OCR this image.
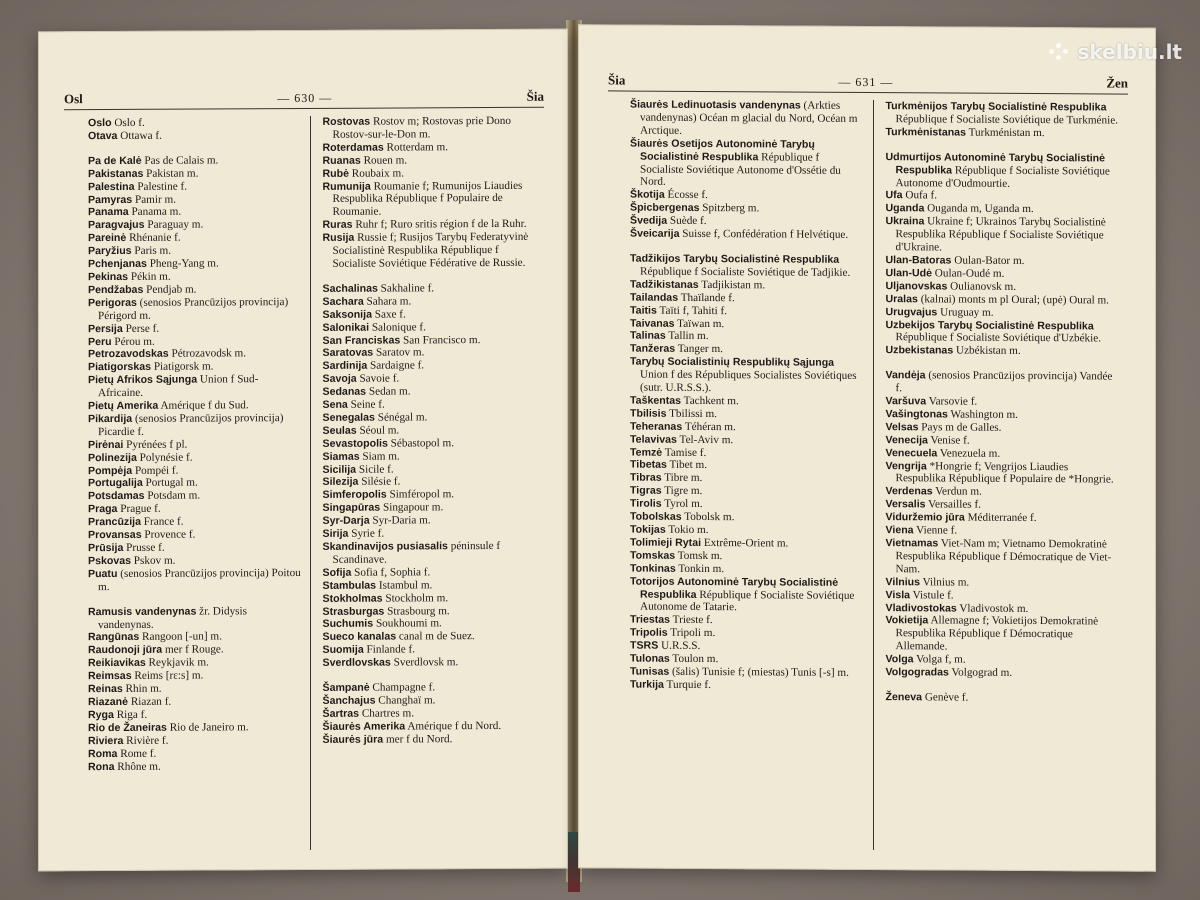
Osl	— 630 —	Šia
Oslo Oslo f.
Otava Ottawa f.
Pa de Kalė Pas de Calais m.
Pakistanas Pakistan m.
Palestina Palestine f.
Pamyras Pamir m.
Panama Panama m.
Paragvajus Paraguay m.
Pareinė Rhénanie f.
Paryžius Paris m.
Pchenjanas Pheng-Yang m.
Pekinas Pékin m.
Pendžabas Pendjab m.
Perigoras (senosios Prancūzijos provincija) Périgord m.
Persija Perse f.
Peru Pérou m.
Petrozavodskas Pétrozavodsk m.
Piatigorskas Piatigorsk m.
Pietų Afrikos Sąjunga Union f Sud-Africaine.
Pietų Amerika Amérique f du Sud.
Pikardija (senosios Prancūzijos provincija) Picardie f.
Pirėnai Pyrénées f pl.
Polinezija Polynésie f.
Pompėja Pompéi f.
Portugalija Portugal m.
Potsdamas Potsdam m.
Praga Prague f.
Prancūzija France f.
Provansas Provence f.
Prūsija Prusse f.
Pskovas Pskov m.
Puatu (senosios Prancūzijos provincija) Poitou m.
Ramusis vandenynas žr. Didysis vandenynas.
Rangūnas Rangoon [-un] m.
Raudonoji jūra mer f Rouge.
Reikiavikas Reykjavik m.
Reimsas Reims [rɛ:s] m.
Reinas Rhin m.
Riazanė Riazan f.
Ryga Riga f.
Rio de Žaneiras Rio de Janeiro m.
Riviera Rivière f.
Roma Rome f.
Rona Rhône m.
Rostovas Rostov m; Rostovas prie Dono Rostov-sur-le-Don m.
Roterdamas Rotterdam m.
Ruanas Rouen m.
Rubė Roubaix m.
Rumunija Roumanie f; Rumunijos Liaudies Respublika République f Populaire de Roumanie.
Ruras Ruhr f; Ruro sritis région f de la Ruhr.
Rusija Russie f; Rusijos Tarybų Federatyvinė Socialistinė Respublika République f Socialiste Soviétique Fédérative de Russie.
Sachalinas Sakhaline f.
Sachara Sahara m.
Saksonija Saxe f.
Salonikai Salonique f.
San Franciskas San Francisco m.
Saratovas Saratov m.
Sardinija Sardaigne f.
Savoja Savoie f.
Sedanas Sedan m.
Sena Seine f.
Senegalas Sénégal m.
Seulas Séoul m.
Sevastopolis Sébastopol m.
Siamas Siam m.
Sicilija Sicile f.
Silezija Silésie f.
Simferopolis Simféropol m.
Singapūras Singapour m.
Syr-Darja Syr-Daria m.
Sirija Syrie f.
Skandinavijos pusiasalis péninsule f Scandinave.
Sofija Sofia f, Sophia f.
Stambulas Istambul m.
Stokholmas Stockholm m.
Strasburgas Strasbourg m.
Suchumis Soukhoumi m.
Sueco kanalas canal m de Suez.
Suomija Finlande f.
Sverdlovskas Sverdlovsk m.
Šampanė Champagne f.
Šanchajus Changhaï m.
Šartras Chartres m.
Šiaurės Amerika Amérique f du Nord.
Šiaurės jūra mer f du Nord.
Šia	— 631 —	Žen
Šiaurės Ledinuotasis vandenynas (Arkties vandenynas) Océan m glacial du Nord, Océan m Arctique.
Šiaurės Osetijos Autonominė Tarybų Socialistinė Respublika République f Socialiste Soviétique Autonome d'Ossétie du Nord.
Škotija Écosse f.
Špicbergenas Spitzberg m.
Švedija Suède f.
Šveicarija Suisse f, Confédération f Helvétique.
Tadžikijos Tarybų Socialistinė Respublika République f Socialiste Soviétique de Tadjikie.
Tadžikistanas Tadjikistan m.
Tailandas Thaïlande f.
Taitis Taïti f, Tahiti f.
Taivanas Taïwan m.
Talinas Tallin m.
Tanžeras Tanger m.
Tarybų Socialistinių Respublikų Sąjunga Union f des Républiques Socialistes Soviétiques (sutr. U.R.S.S.).
Taškentas Tachkent m.
Tbilisis Tbilissi m.
Teheranas Téhéran m.
Telavivas Tel-Aviv m.
Temzė Tamise f.
Tibetas Tibet m.
Tibras Tibre m.
Tigras Tigre m.
Tirolis Tyrol m.
Tobolskas Tobolsk m.
Tokijas Tokio m.
Tolimieji Rytai Extrême-Orient m.
Tomskas Tomsk m.
Tonkinas Tonkin m.
Totorijos Autonominė Tarybų Socialistinė Respublika République f Socialiste Soviétique Autonome de Tatarie.
Triestas Trieste f.
Tripolis Tripoli m.
TSRS U.R.S.S.
Tulonas Toulon m.
Tunisas (šalis) Tunisie f; (miestas) Tunis [-s] m.
Turkija Turquie f.
Turkmėnijos Tarybų Socialistinė Respublika République f Socialiste Soviétique de Turkménie.
Turkmėnistanas Turkménistan m.
Udmurtijos Autonominė Tarybų Socialistinė Respublika République f Socialiste Soviétique Autonome d'Oudmourtie.
Ufa Oufa f.
Uganda Ouganda m, Uganda m.
Ukraina Ukraine f; Ukrainos Tarybų Socialistinė Respublika République f Socialiste Soviétique d'Ukraine.
Ulan-Batoras Oulan-Bator m.
Ulan-Udė Oulan-Oudé m.
Uljanovskas Oulianovsk m.
Uralas (kalnai) monts m pl Oural; (upė) Oural m.
Urugvajus Uruguay m.
Uzbekijos Tarybų Socialistinė Respublika République f Socialiste Soviétique d'Uzbékie.
Uzbekistanas Uzbékistan m.
Vandėja (senosios Prancūzijos provincija) Vandée f.
Varšuva Varsovie f.
Vašingtonas Washington m.
Velsas Pays m de Galles.
Venecija Venise f.
Venecuela Venezuela m.
Vengrija *Hongrie f; Vengrijos Liaudies Respublika République f Populaire de *Hongrie.
Verdenas Verdun m.
Versalis Versailles f.
Viduržemio jūra Méditerranée f.
Viena Vienne f.
Vietnamas Viet-Nam m; Vietnamo Demokratinė Respublika République f Démocratique de Viet-Nam.
Vilnius Vilnius m.
Visla Vistule f.
Vladivostokas Vladivostok m.
Vokietija Allemagne f; Vokietijos Demokratinė Respublika République f Démocratique Allemande.
Volga Volga f, m.
Volgogradas Volgograd m.
Ženeva Genève f.
skelbiu.lt
